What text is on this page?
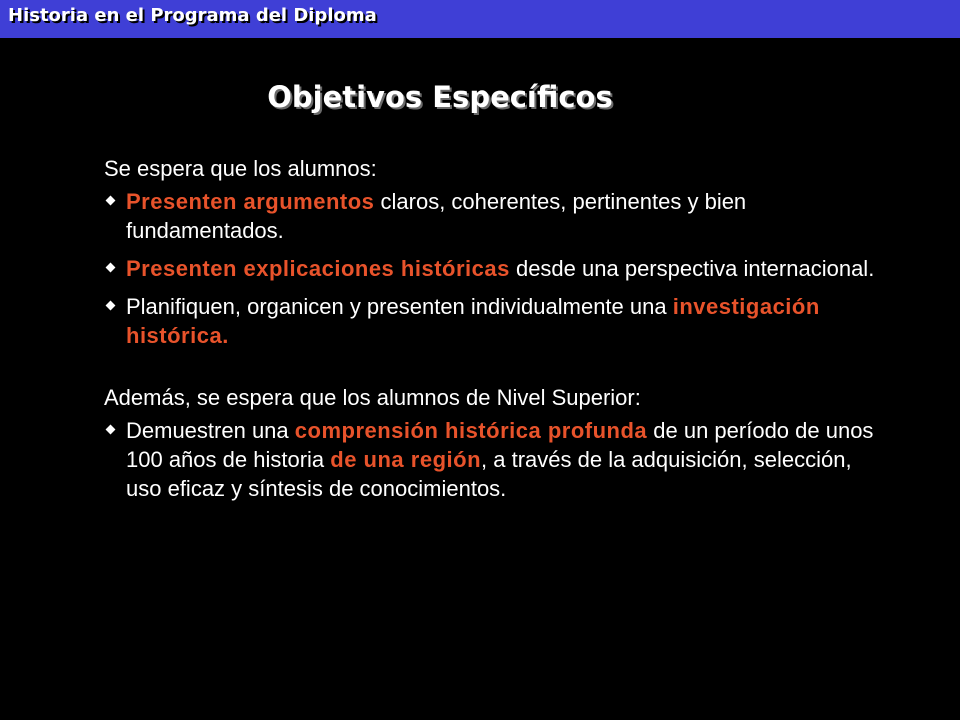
Historia en el Programa del Diploma
Objetivos Específicos

Se espera que los alumnos:

Presenten argumentos claros, coherentes, pertinentes y bien fundamentados.
Presenten explicaciones históricas desde una perspectiva internacional.
Planifiquen, organicen y presenten individualmente una investigación histórica.

Además, se espera que los alumnos de Nivel Superior:

Demuestren una comprensión histórica profunda de un período de unos 100 años de historia de una región, a través de la adquisición, selección, uso eficaz y síntesis de conocimientos.
